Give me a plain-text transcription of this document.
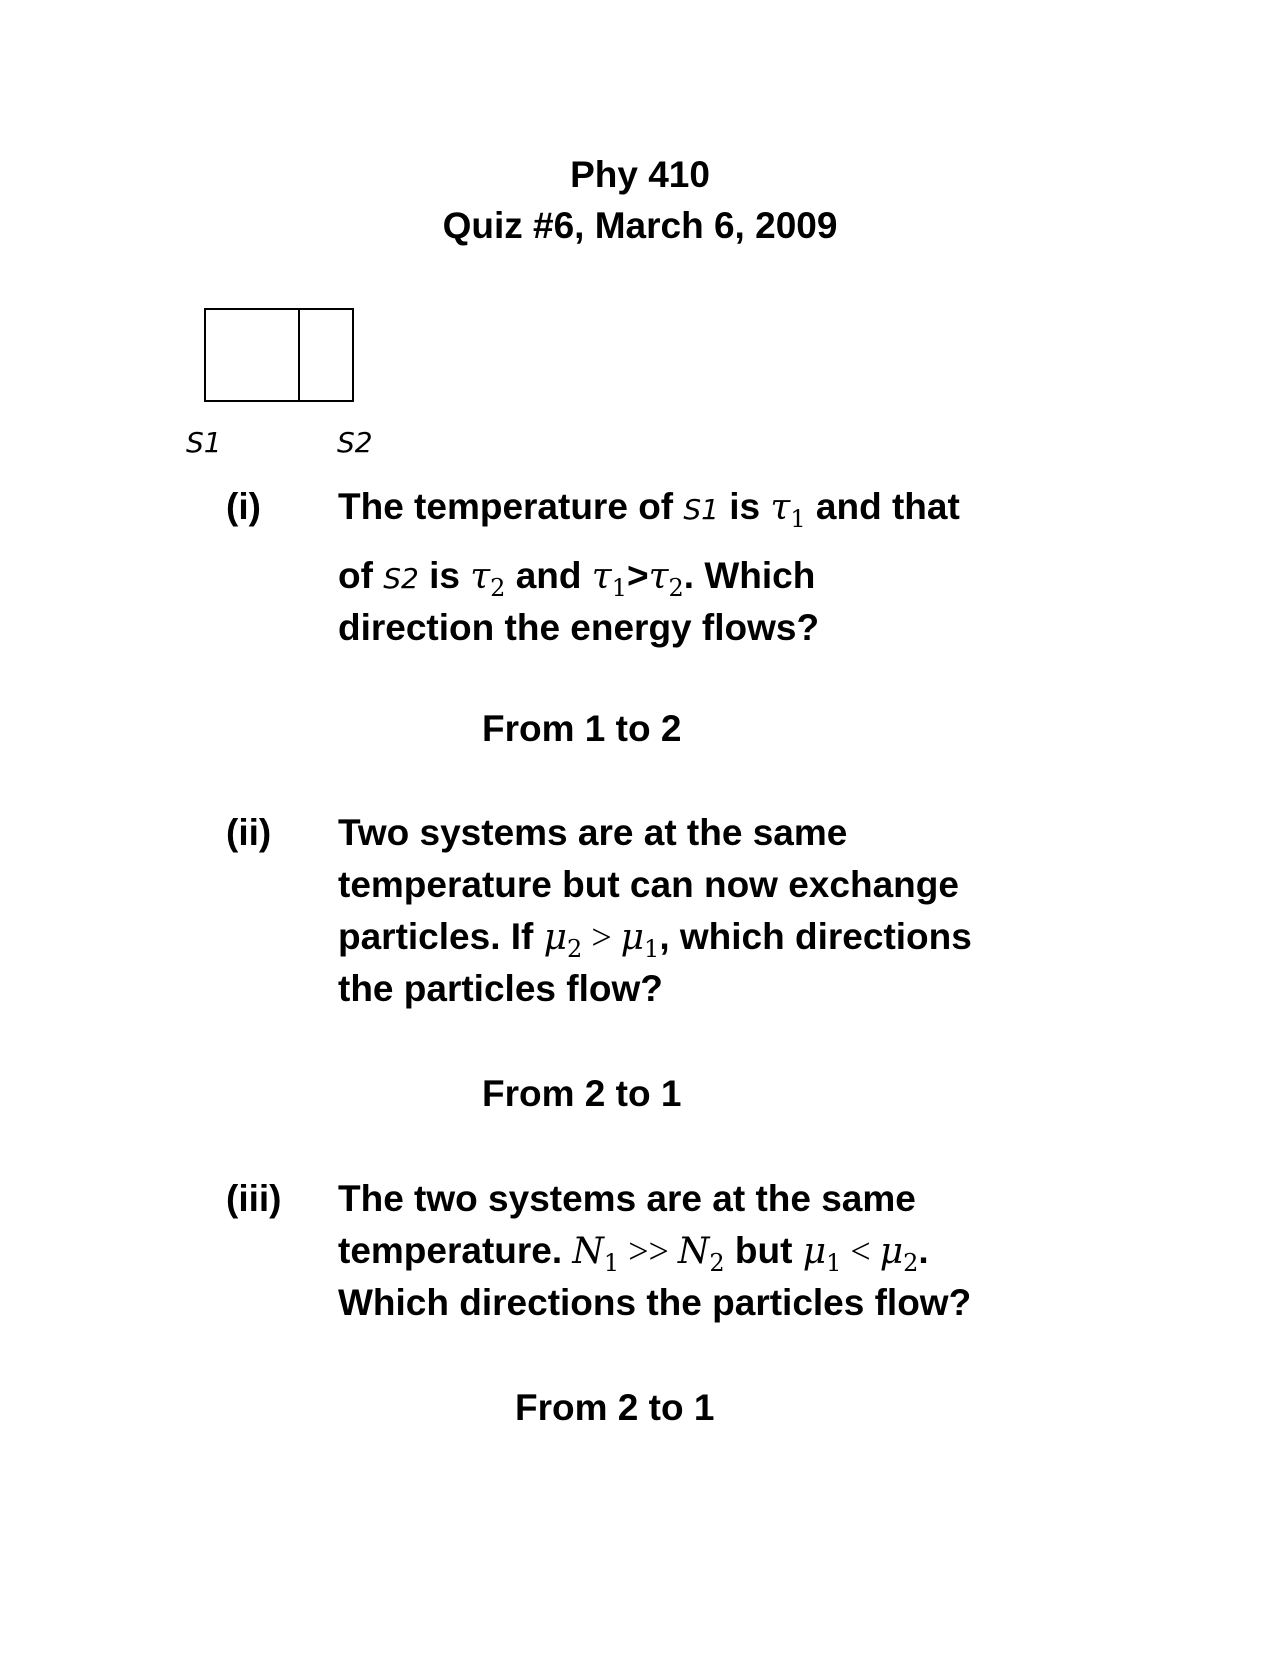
Phy 410
Quiz #6, March 6, 2009
S1	S2
(i) The temperature of S1 is $\tau_1$ and that
of S2 is $\tau_2$ and $\tau_1>\tau_2$. Which
direction the energy flows?
From 1 to 2
(ii) Two systems are at the same
temperature but can now exchange
particles. If $\mu_2 > \mu_1$, which directions
the particles flow?
From 2 to 1
(iii) The two systems are at the same
temperature. $N_1 >> N_2$ but $\mu_1 < \mu_2$.
Which directions the particles flow?
From 2 to 1
